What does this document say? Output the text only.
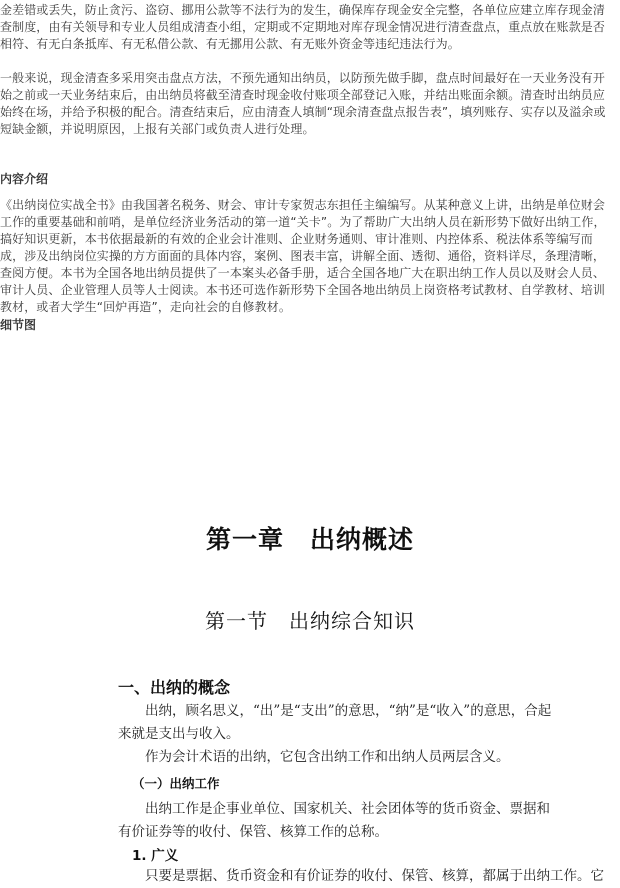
金差错或丢失，防止贪污、盗窃、挪用公款等不法行为的发生，确保库存现金安全完整，各单位应建立库存现金清查制度，由有关领导和专业人员组成清查小组，定期或不定期地对库存现金情况进行清查盘点，重点放在账款是否相符、有无白条抵库、有无私借公款、有无挪用公款、有无账外资金等违纪违法行为。
一般来说，现金清查多采用突击盘点方法，不预先通知出纳员，以防预先做手脚，盘点时间最好在一天业务没有开始之前或一天业务结束后，由出纳员将截至清查时现金收付账项全部登记入账，并结出账面余额。清查时出纳员应始终在场，并给予积极的配合。清查结束后，应由清查人填制“现余清查盘点报告表”，填列账存、实存以及溢余或短缺金额，并说明原因，上报有关部门或负责人进行处理。
内容介绍
《出纳岗位实战全书》由我国著名税务、财会、审计专家贺志东担任主编编写。从某种意义上讲，出纳是单位财会工作的重要基础和前哨，是单位经济业务活动的第一道“关卡”。为了帮助广大出纳人员在新形势下做好出纳工作，搞好知识更新，本书依据最新的有效的企业会计准则、企业财务通则、审计准则、内控体系、税法体系等编写而成，涉及出纳岗位实操的方方面面的具体内容，案例、图表丰富，讲解全面、透彻、通俗，资料详尽，条理清晰，查阅方便。本书为全国各地出纳员提供了一本案头必备手册，适合全国各地广大在职出纳工作人员以及财会人员、审计人员、企业管理人员等人士阅读。本书还可选作新形势下全国各地出纳员上岗资格考试教材、自学教材、培训教材，或者大学生“回炉再造”，走向社会的自修教材。
细节图
第一章　出纳概述
第一节　出纳综合知识
一、出纳的概念
出纳，顾名思义，“出”是“支出”的意思，“纳”是“收入”的意思，合起来就是支出与收入。
作为会计术语的出纳，它包含出纳工作和出纳人员两层含义。
（一）出纳工作
出纳工作是企事业单位、国家机关、社会团体等的货币资金、票据和有价证券等的收付、保管、核算工作的总称。
1. 广义
只要是票据、货币资金和有价证券的收付、保管、核算，都属于出纳工作。它
